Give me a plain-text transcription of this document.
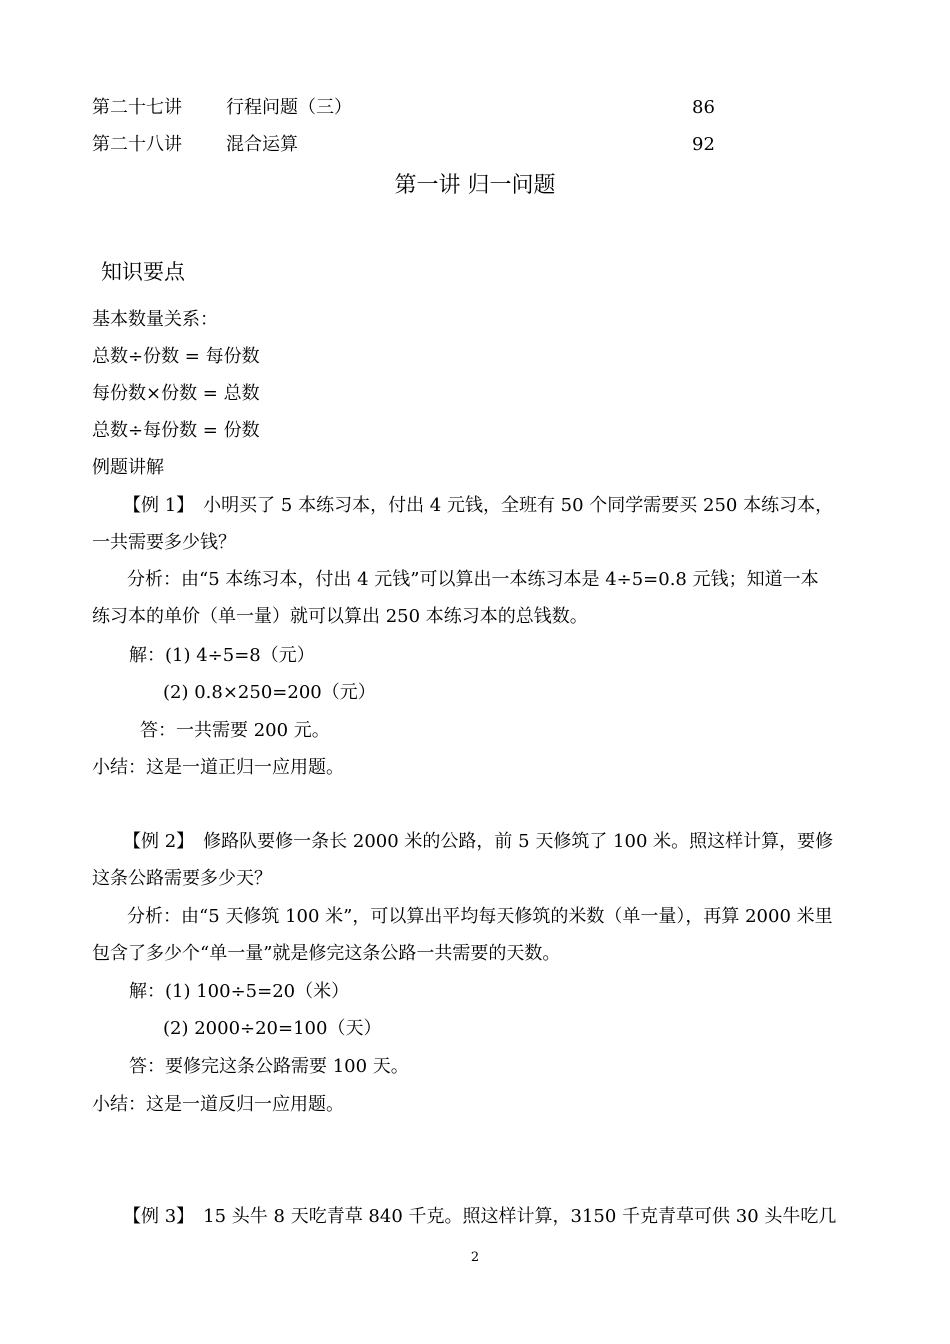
第二十七讲 行程问题（三）	86
第二十八讲 混合运算	92
第一讲 归一问题
知识要点
基本数量关系：
总数÷份数 = 每份数
每份数×份数 = 总数
总数÷每份数 = 份数
例题讲解
【例 1】　小明买了 5 本练习本，付出 4 元钱，全班有 50 个同学需要买 250 本练习本，
一共需要多少钱？
分析：由“5 本练习本，付出 4 元钱”可以算出一本练习本是 4÷5=0.8 元钱；知道一本
练习本的单价（单一量）就可以算出 250 本练习本的总钱数。
解：(1) 4÷5=8（元）
(2) 0.8×250=200（元）
答：一共需要 200 元。
小结：这是一道正归一应用题。
【例 2】　修路队要修一条长 2000 米的公路，前 5 天修筑了 100 米。照这样计算，要修
这条公路需要多少天？
分析：由“5 天修筑 100 米”，可以算出平均每天修筑的米数（单一量），再算 2000 米里
包含了多少个“单一量”就是修完这条公路一共需要的天数。
解：(1) 100÷5=20（米）
(2) 2000÷20=100（天）
答：要修完这条公路需要 100 天。
小结：这是一道反归一应用题。
【例 3】　15 头牛 8 天吃青草 840 千克。照这样计算，3150 千克青草可供 30 头牛吃几
2
